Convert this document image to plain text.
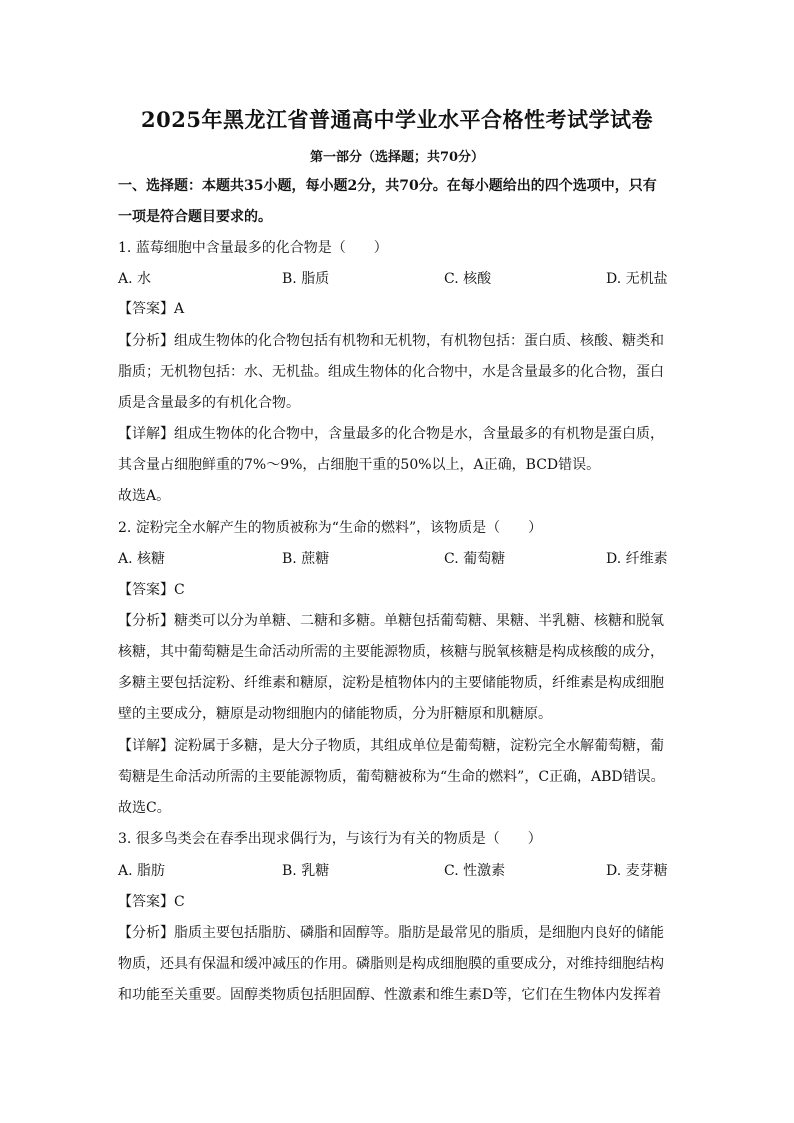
2025年黑龙江省普通高中学业水平合格性考试学试卷
第一部分（选择题；共70分）
一、选择题：本题共35小题，每小题2分，共70分。在每小题给出的四个选项中，只有
一项是符合题目要求的。
1. 蓝莓细胞中含量最多的化合物是（　　）
A. 水	B. 脂质	C. 核酸	D. 无机盐
【答案】A
【分析】组成生物体的化合物包括有机物和无机物，有机物包括：蛋白质、核酸、糖类和
脂质；无机物包括：水、无机盐。组成生物体的化合物中，水是含量最多的化合物，蛋白
质是含量最多的有机化合物。
【详解】组成生物体的化合物中，含量最多的化合物是水，含量最多的有机物是蛋白质，
其含量占细胞鲜重的7%～9%，占细胞干重的50%以上，A正确，BCD错误。
故选A。
2. 淀粉完全水解产生的物质被称为“生命的燃料”，该物质是（　　）
A. 核糖	B. 蔗糖	C. 葡萄糖	D. 纤维素
【答案】C
【分析】糖类可以分为单糖、二糖和多糖。单糖包括葡萄糖、果糖、半乳糖、核糖和脱氧
核糖，其中葡萄糖是生命活动所需的主要能源物质，核糖与脱氧核糖是构成核酸的成分，
多糖主要包括淀粉、纤维素和糖原，淀粉是植物体内的主要储能物质，纤维素是构成细胞
壁的主要成分，糖原是动物细胞内的储能物质，分为肝糖原和肌糖原。
【详解】淀粉属于多糖，是大分子物质，其组成单位是葡萄糖，淀粉完全水解葡萄糖，葡
萄糖是生命活动所需的主要能源物质，葡萄糖被称为“生命的燃料”，C正确，ABD错误。
故选C。
3. 很多鸟类会在春季出现求偶行为，与该行为有关的物质是（　　）
A. 脂肪	B. 乳糖	C. 性激素	D. 麦芽糖
【答案】C
【分析】脂质主要包括脂肪、磷脂和固醇等。脂肪是最常见的脂质，是细胞内良好的储能
物质，还具有保温和缓冲减压的作用。磷脂则是构成细胞膜的重要成分，对维持细胞结构
和功能至关重要。固醇类物质包括胆固醇、性激素和维生素D等，它们在生物体内发挥着
